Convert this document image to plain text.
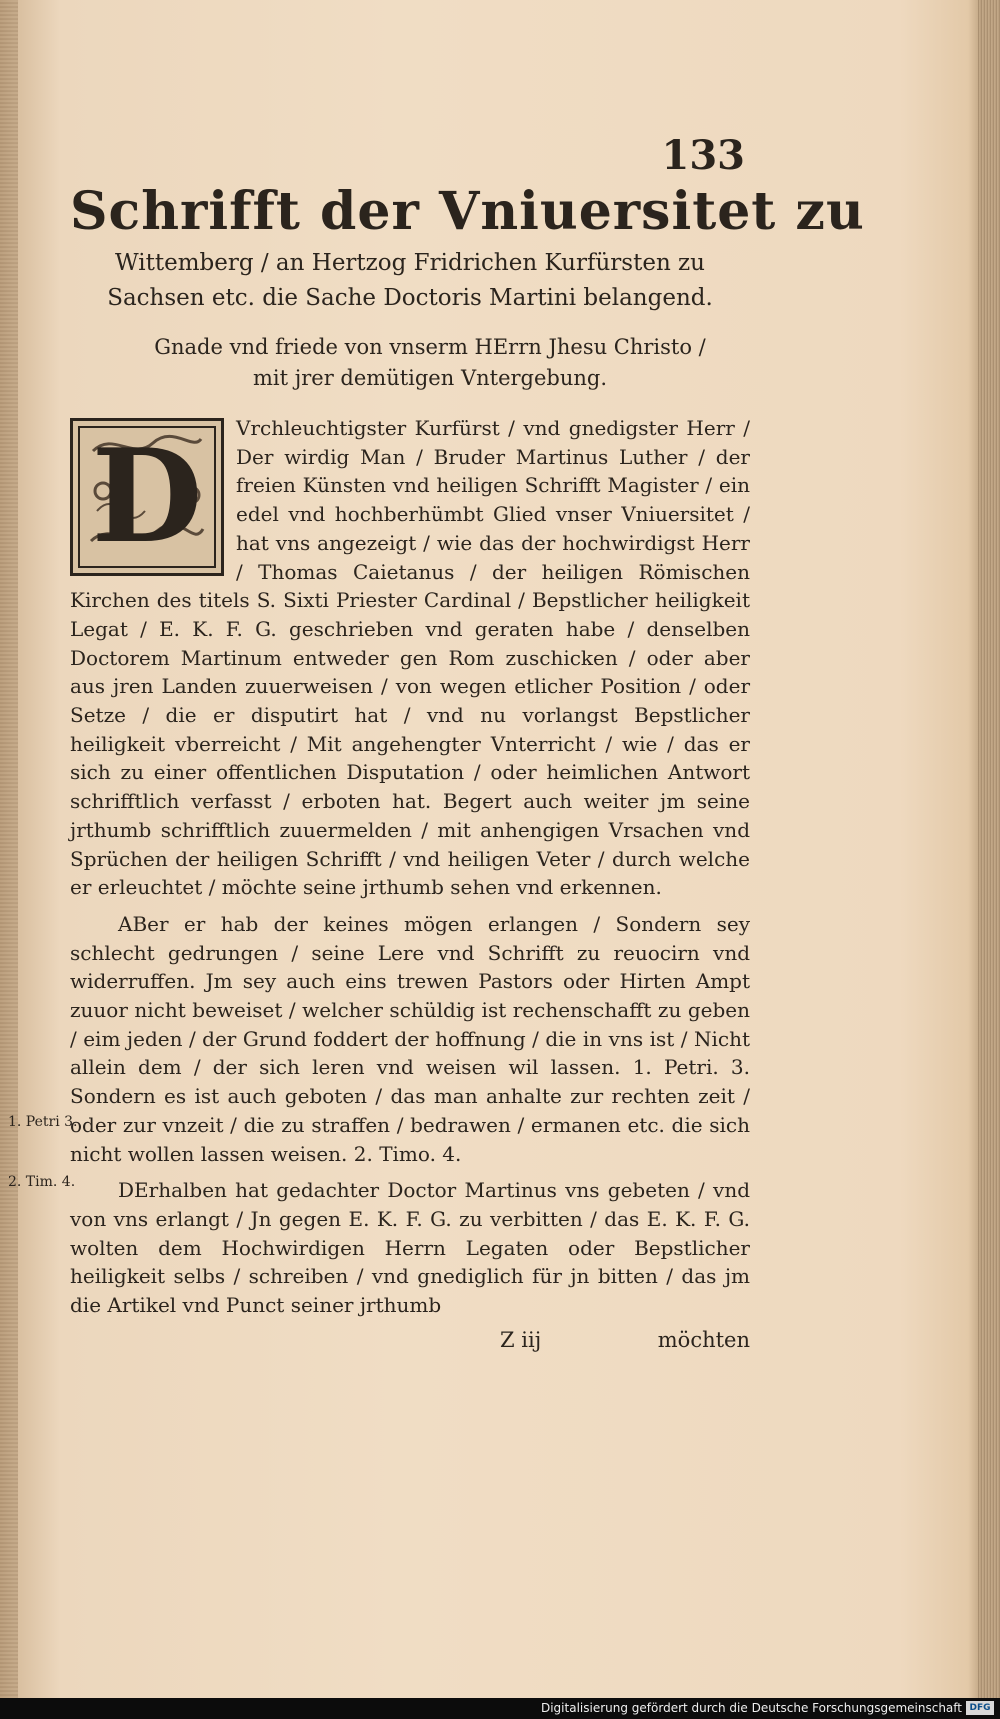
133
Schrifft der Vniuersitet zu
Wittemberg / an Hertzog Fridrichen Kurfürsten zu
Sachsen etc. die Sache Doctoris Martini belangend.
Gnade vnd friede von vnserm HErrn Jhesu Christo /
mit jrer demütigen Vntergebung.
1. Petri 3.
2. Tim. 4.
D	Vrchleuchtigster Kurfürst / vnd gnedigster Herr / Der wirdig Man / Bruder Martinus Luther / der freien Künsten vnd heiligen Schrifft Magister / ein edel vnd hochberhümbt Glied vnser Vniuersitet / hat vns angezeigt / wie das der hochwirdigst Herr / Thomas Caietanus / der heiligen Römischen Kirchen des titels S. Sixti Priester Cardinal / Bepstlicher heiligkeit Legat / E. K. F. G. geschrieben vnd geraten habe / denselben Doctorem Martinum entweder gen Rom zuschicken / oder aber aus jren Landen zuuerweisen / von wegen etlicher Position / oder Setze / die er disputirt hat / vnd nu vorlangst Bepstlicher heiligkeit vberreicht / Mit angehengter Vnterricht / wie / das er sich zu einer offentlichen Disputation / oder heimlichen Antwort schrifftlich verfasst / erboten hat. Begert auch weiter jm seine jrthumb schrifftlich zuuermelden / mit anhengigen Vrsachen vnd Sprüchen der heiligen Schrifft / vnd heiligen Veter / durch welche er erleuchtet / möchte seine jrthumb sehen vnd erkennen.

ABer er hab der keines mögen erlangen / Sondern sey schlecht gedrungen / seine Lere vnd Schrifft zu reuocirn vnd widerruffen. Jm sey auch eins trewen Pastors oder Hirten Ampt zuuor nicht beweiset / welcher schüldig ist rechenschafft zu geben / eim jeden / der Grund foddert der hoffnung / die in vns ist / Nicht allein dem / der sich leren vnd weisen wil lassen. 1. Petri. 3. Sondern es ist auch geboten / das man anhalte zur rechten zeit / oder zur vnzeit / die zu straffen / bedrawen / ermanen etc. die sich nicht wollen lassen weisen. 2. Timo. 4.

DErhalben hat gedachter Doctor Martinus vns gebeten / vnd von vns erlangt / Jn gegen E. K. F. G. zu verbitten / das E. K. F. G. wolten dem Hochwirdigen Herrn Legaten oder Bepstlicher heiligkeit selbs / schreiben / vnd gnediglich für jn bitten / das jm die Artikel vnd Punct seiner jrthumb

Z iij	möchten
Digitalisierung gefördert durch die Deutsche Forschungsgemeinschaft DFG
